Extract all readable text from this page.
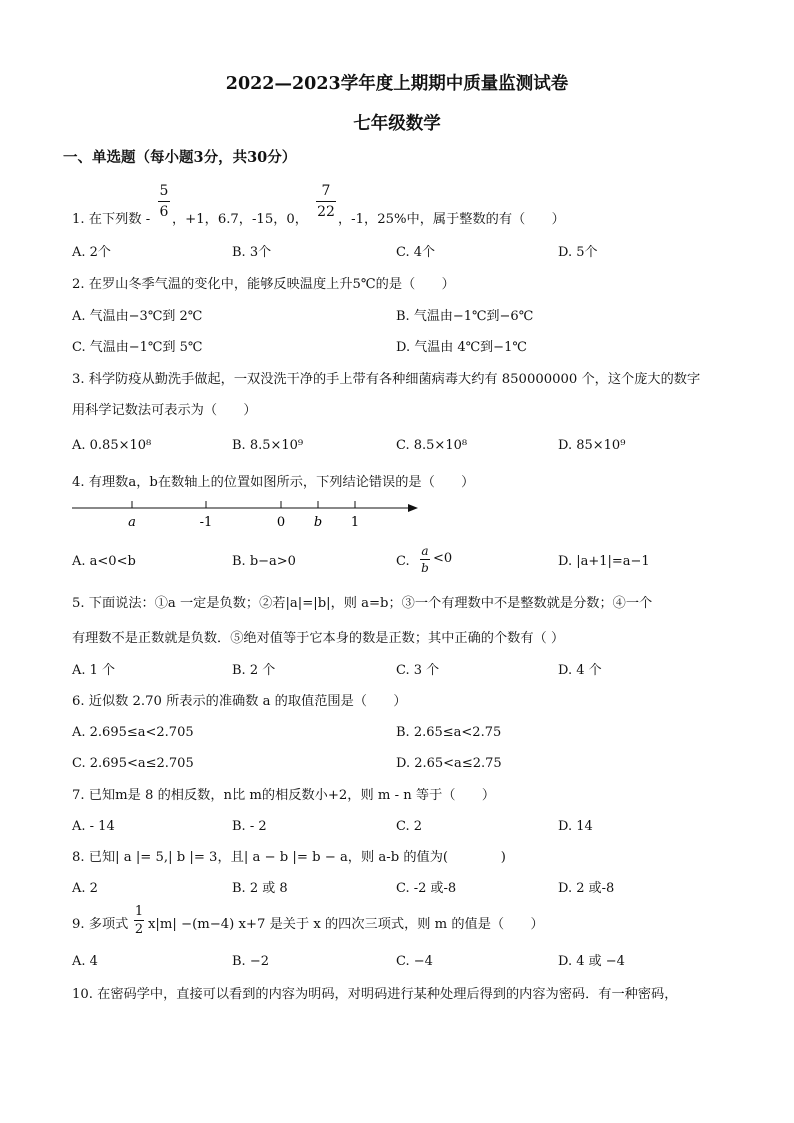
2022—2023学年度上期期中质量监测试卷
七年级数学
一、单选题（每小题3分，共30分）
1. 在下列数 -
5
6 ，+1，6.7，-15，0，
7
22 ，-1，25%中，属于整数的有（　　）
A. 2个	B. 3个	C. 4个	D. 5个
2. 在罗山冬季气温的变化中，能够反映温度上升5℃的是（　　）
A. 气温由−3℃到 2℃	B. 气温由−1℃到−6℃
C. 气温由−1℃到 5℃	D. 气温由 4℃到−1℃
3. 科学防疫从勤洗手做起，一双没洗干净的手上带有各种细菌病毒大约有 850000000 个，这个庞大的数字
用科学记数法可表示为（　　）
A. 0.85×10⁸	B. 8.5×10⁹	C. 8.5×10⁸	D. 85×10⁹
4. 有理数a，b在数轴上的位置如图所示，下列结论错误的是（　　）
a	-1	0 b 1
A. a<0<b	B. b−a>0	C.
a
b
<0	D. |a+1|=a−1
5. 下面说法：①a 一定是负数；②若|a|=|b|，则 a=b；③一个有理数中不是整数就是分数；④一个
有理数不是正数就是负数．⑤绝对值等于它本身的数是正数；其中正确的个数有（ ）
A. 1 个	B. 2 个	C. 3 个	D. 4 个
6. 近似数 2.70 所表示的准确数 a 的取值范围是（　　）
A. 2.695≤a<2.705	B. 2.65≤a<2.75
C. 2.695<a≤2.705	D. 2.65<a≤2.75
7. 已知m是 8 的相反数，n比 m的相反数小+2，则 m - n 等于（　　）
A. - 14	B. - 2	C. 2	D. 14
8. 已知| a |= 5,| b |= 3，且| a − b |= b − a，则 a-b 的值为(　　　　)
A. 2	B. 2 或 8	C. -2 或-8	D. 2 或-8
9. 多项式
1
2 x|m| −(m−4) x+7 是关于 x 的四次三项式，则 m 的值是（　　）
A. 4	B. −2	C. −4	D. 4 或 −4
10. 在密码学中，直接可以看到的内容为明码，对明码进行某种处理后得到的内容为密码．有一种密码，
